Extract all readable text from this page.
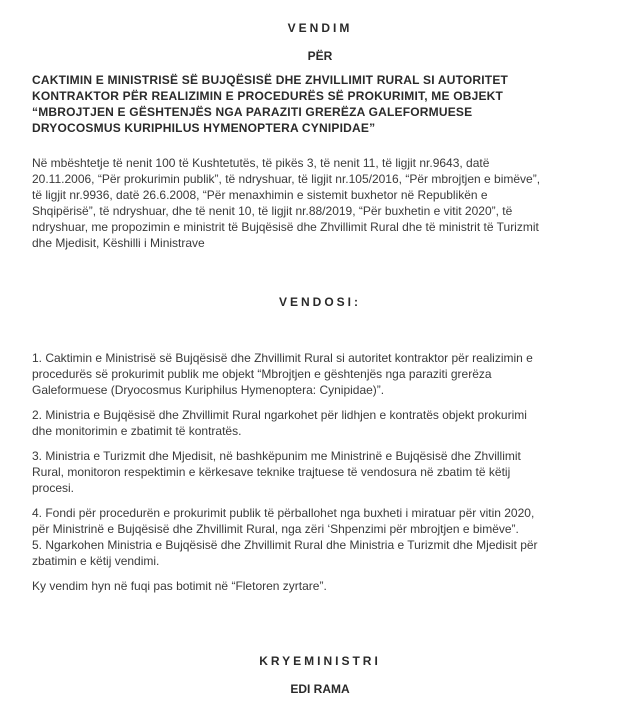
VENDIM
PËR
CAKTIMIN E MINISTRISË SË BUJQËSISË DHE ZHVILLIMIT RURAL SI AUTORITET
KONTRAKTOR PËR REALIZIMIN E PROCEDURËS SË PROKURIMIT, ME OBJEKT
“MBROJTJEN E GËSHTENJËS NGA PARAZITI GRERËZA GALEFORMUESE
DRYOCOSMUS KURIPHILUS HYMENOPTERA CYNIPIDAE”
Në mbështetje të nenit 100 të Kushtetutës, të pikës 3, të nenit 11, të ligjit nr.9643, datë
20.11.2006, “Për prokurimin publik”, të ndryshuar, të ligjit nr.105/2016, “Për mbrojtjen e bimëve”,
të ligjit nr.9936, datë 26.6.2008, “Për menaxhimin e sistemit buxhetor në Republikën e
Shqipërisë”, të ndryshuar, dhe të nenit 10, të ligjit nr.88/2019, “Për buxhetin e vitit 2020”, të
ndryshuar, me propozimin e ministrit të Bujqësisë dhe Zhvillimit Rural dhe të ministrit të Turizmit
dhe Mjedisit, Këshilli i Ministrave
VENDOSI:
1. Caktimin e Ministrisë së Bujqësisë dhe Zhvillimit Rural si autoritet kontraktor për realizimin e
procedurës së prokurimit publik me objekt “Mbrojtjen e gështenjës nga paraziti grerëza
Galeformuese (Dryocosmus Kuriphilus Hymenoptera: Cynipidae)”.
2. Ministria e Bujqësisë dhe Zhvillimit Rural ngarkohet për lidhjen e kontratës objekt prokurimi
dhe monitorimin e zbatimit të kontratës.
3. Ministria e Turizmit dhe Mjedisit, në bashkëpunim me Ministrinë e Bujqësisë dhe Zhvillimit
Rural, monitoron respektimin e kërkesave teknike trajtuese të vendosura në zbatim të këtij
procesi.
4. Fondi për procedurën e prokurimit publik të përballohet nga buxheti i miratuar për vitin 2020,
për Ministrinë e Bujqësisë dhe Zhvillimit Rural, nga zëri ‘Shpenzimi për mbrojtjen e bimëve”.
5. Ngarkohen Ministria e Bujqësisë dhe Zhvillimit Rural dhe Ministria e Turizmit dhe Mjedisit për
zbatimin e këtij vendimi.
Ky vendim hyn në fuqi pas botimit në “Fletoren zyrtare”.
KRYEMINISTRI
EDI RAMA
